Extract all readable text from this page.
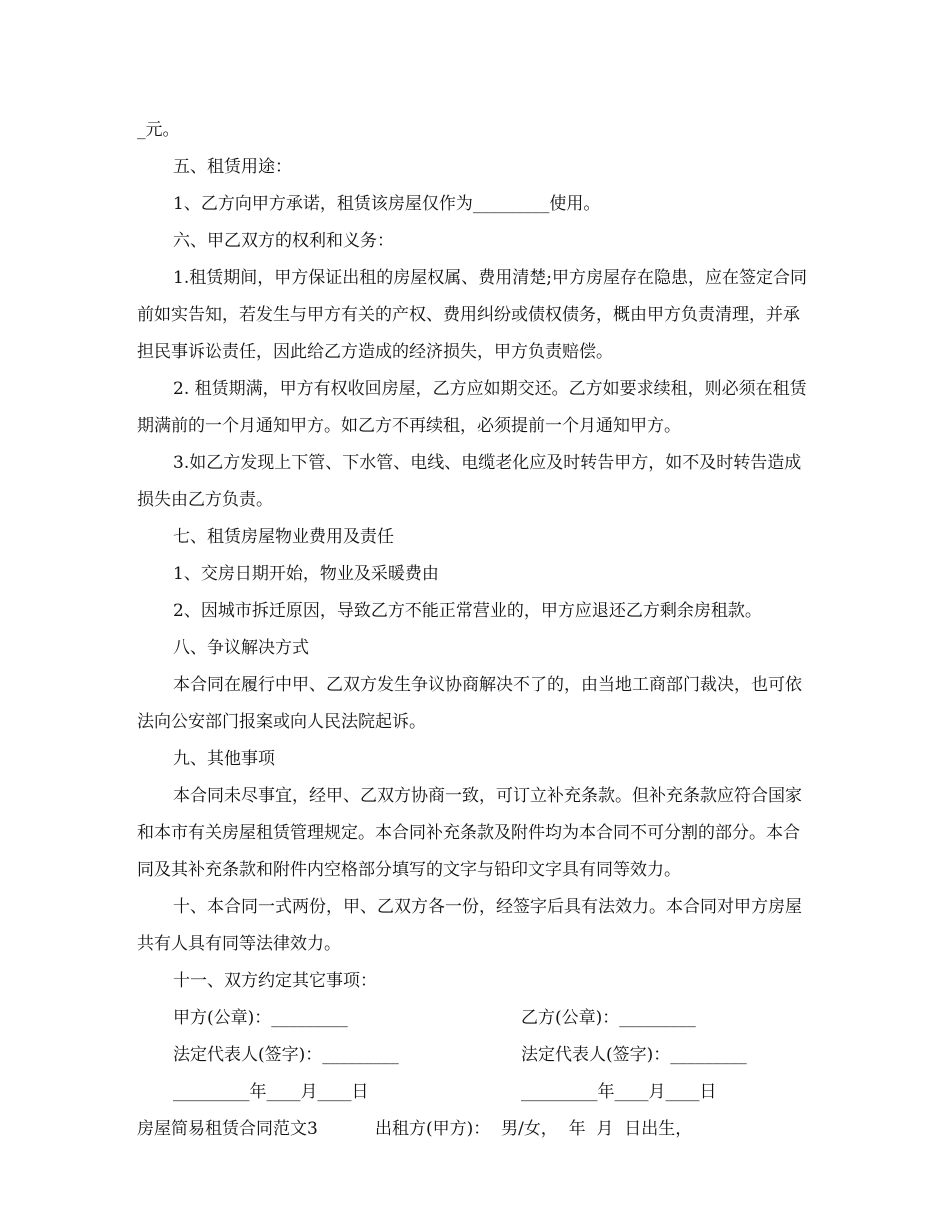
_元。

五、租赁用途：

1、乙方向甲方承诺，租赁该房屋仅作为_________使用。

六、甲乙双方的权利和义务：

1.租赁期间，甲方保证出租的房屋权属、费用清楚;甲方房屋存在隐患，应在签定合同前如实告知，若发生与甲方有关的产权、费用纠纷或债权债务，概由甲方负责清理，并承担民事诉讼责任，因此给乙方造成的经济损失，甲方负责赔偿。

2. 租赁期满，甲方有权收回房屋，乙方应如期交还。乙方如要求续租，则必须在租赁期满前的一个月通知甲方。如乙方不再续租，必须提前一个月通知甲方。

3.如乙方发现上下管、下水管、电线、电缆老化应及时转告甲方，如不及时转告造成损失由乙方负责。

七、租赁房屋物业费用及责任

1、交房日期开始，物业及采暖费由

2、因城市拆迁原因，导致乙方不能正常营业的，甲方应退还乙方剩余房租款。

八、争议解决方式

本合同在履行中甲、乙双方发生争议协商解决不了的，由当地工商部门裁决，也可依法向公安部门报案或向人民法院起诉。

九、其他事项

本合同未尽事宜，经甲、乙双方协商一致，可订立补充条款。但补充条款应符合国家和本市有关房屋租赁管理规定。本合同补充条款及附件均为本合同不可分割的部分。本合同及其补充条款和附件内空格部分填写的文字与铅印文字具有同等效力。

十、本合同一式两份，甲、乙双方各一份，经签字后具有法效力。本合同对甲方房屋共有人具有同等法律效力。

十一、双方约定其它事项：

甲方(公章)：_________	乙方(公章)：_________
法定代表人(签字)：_________	法定代表人(签字)：_________
_________年____月____日	_________年____月____日
房屋简易租赁合同范文3	出租方(甲方)：  男/女，  年  月  日出生，
